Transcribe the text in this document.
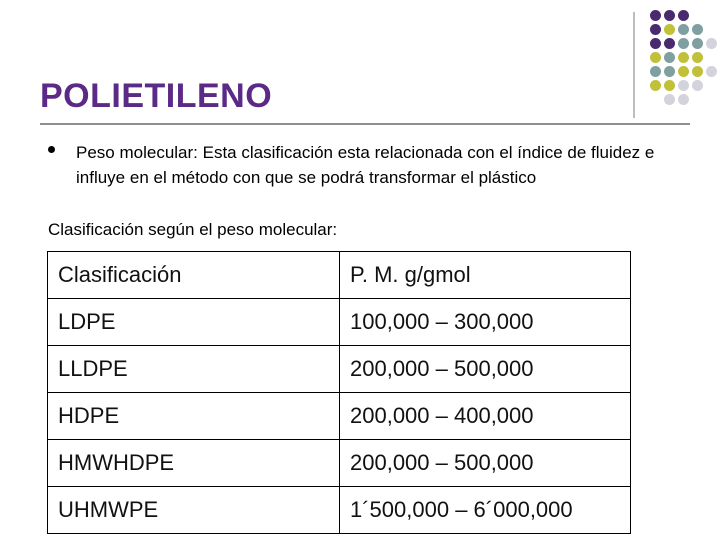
POLIETILENO
Peso molecular: Esta clasificación esta relacionada con el índice de fluidez e influye en el método con que se podrá transformar el plástico
Clasificación según el peso molecular:
Clasificación	P. M. g/gmol
LDPE	100,000 – 300,000
LLDPE	200,000 – 500,000
HDPE	200,000 – 400,000
HMWHDPE	200,000 – 500,000
UHMWPE	1´500,000 – 6´000,000
